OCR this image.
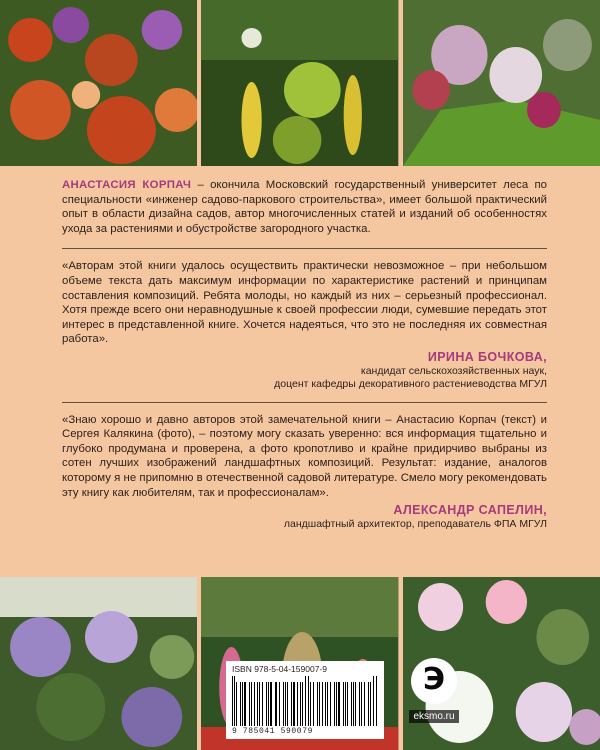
АНАСТАСИЯ КОРПАЧ – окончила Московский государственный университет леса по специальности «инженер садово-паркового строительства», имеет большой практический опыт в области дизайна садов, автор многочисленных статей и изданий об особенностях ухода за растениями и обустройстве загородного участка.

«Авторам этой книги удалось осуществить практически невозможное – при небольшом объеме текста дать максимум информации по характеристике растений и принципам составления композиций. Ребята молоды, но каждый из них – серьезный профессионал. Хотя прежде всего они неравнодушные к своей профессии люди, сумевшие передать этот интерес в представленной книге. Хочется надеяться, что это не последняя их совместная работа».

ИРИНА БОЧКОВА,
кандидат сельскохозяйственных наук,
доцент кафедры декоративного растениеводства МГУЛ

«Знаю хорошо и давно авторов этой замечательной книги – Анастасию Корпач (текст) и Сергея Калякина (фото), – поэтому могу сказать уверенно: вся информация тщательно и глубоко продумана и проверена, а фото кропотливо и крайне придирчиво выбраны из сотен лучших изображений ландшафтных композиций. Результат: издание, аналогов которому я не припомню в отечественной садовой литературе. Смело могу рекомендовать эту книгу как любителям, так и профессионалам».

АЛЕКСАНДР САПЕЛИН,
ландшафтный архитектор, преподаватель ФПА МГУЛ
ISBN 978-5-04-159007-9
9 785041 590079
Э
eksmo.ru
